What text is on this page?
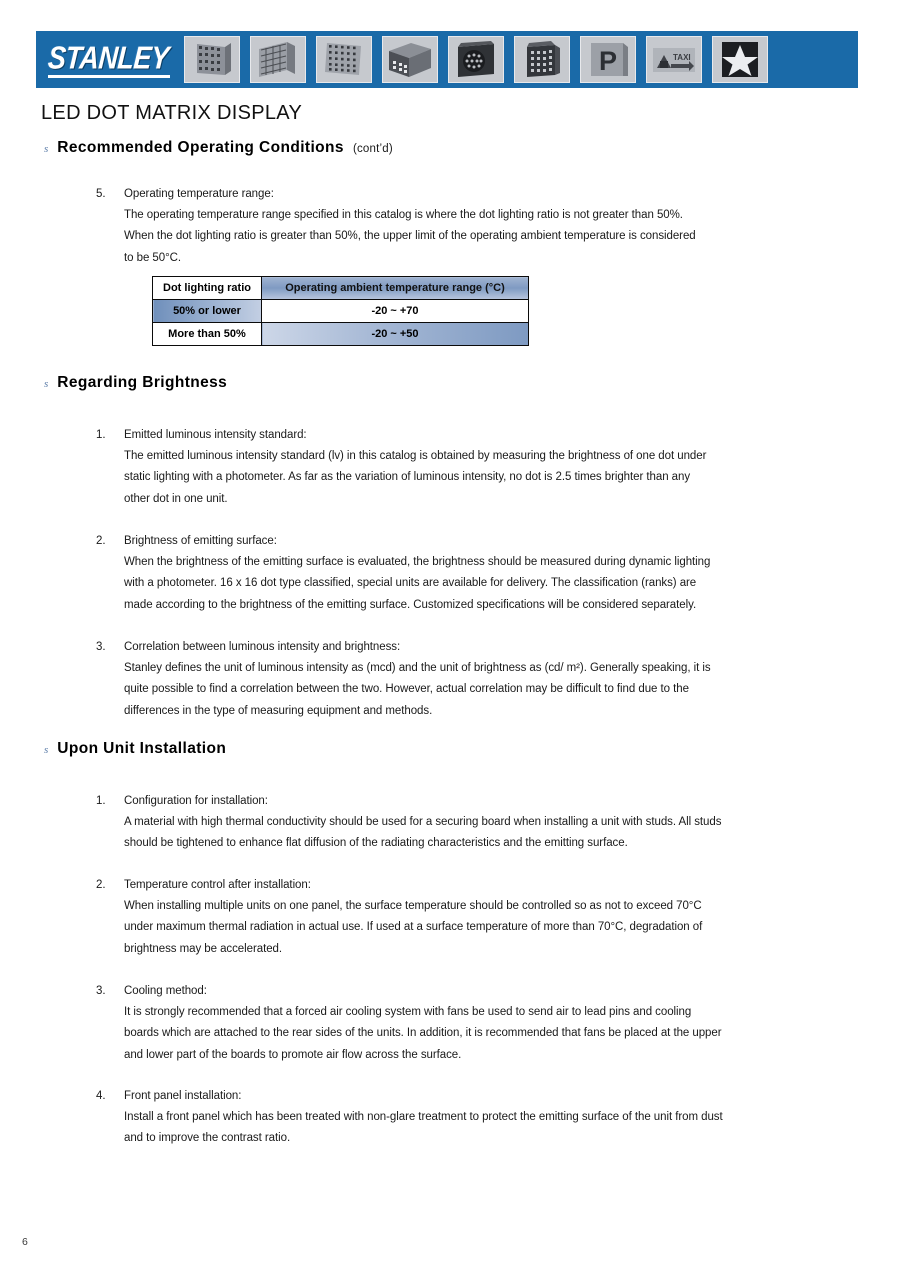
STANLEY	P	TAXI
LED DOT MATRIX DISPLAY
s Recommended Operating Conditions (cont’d)
5.	Operating temperature range:
The operating temperature range specified in this catalog is where the dot lighting ratio is not greater than 50%.
When the dot lighting ratio is greater than 50%, the upper limit of the operating ambient temperature is considered
to be 50°C.
Dot lighting ratio	Operating ambient temperature range (°C)
50% or lower	-20 ~ +70
More than 50%	-20 ~ +50
s Regarding Brightness
1.	Emitted luminous intensity standard:
The emitted luminous intensity standard (lv) in this catalog is obtained by measuring the brightness of one dot under
static lighting with a photometer. As far as the variation of luminous intensity, no dot is 2.5 times brighter than any
other dot in one unit.
2.	Brightness of emitting surface:
When the brightness of the emitting surface is evaluated, the brightness should be measured during dynamic lighting
with a photometer. 16 x 16 dot type classified, special units are available for delivery. The classification (ranks) are
made according to the brightness of the emitting surface. Customized specifications will be considered separately.
3.	Correlation between luminous intensity and brightness:
Stanley defines the unit of luminous intensity as (mcd) and the unit of brightness as (cd/ m²). Generally speaking, it is
quite possible to find a correlation between the two. However, actual correlation may be difficult to find due to the
differences in the type of measuring equipment and methods.
s Upon Unit Installation
1.	Configuration for installation:
A material with high thermal conductivity should be used for a securing board when installing a unit with studs. All studs
should be tightened to enhance flat diffusion of the radiating characteristics and the emitting surface.
2.	Temperature control after installation:
When installing multiple units on one panel, the surface temperature should be controlled so as not to exceed 70°C
under maximum thermal radiation in actual use. If used at a surface temperature of more than 70°C, degradation of
brightness may be accelerated.
3.	Cooling method:
It is strongly recommended that a forced air cooling system with fans be used to send air to lead pins and cooling
boards which are attached to the rear sides of the units. In addition, it is recommended that fans be placed at the upper
and lower part of the boards to promote air flow across the surface.
4.	Front panel installation:
Install a front panel which has been treated with non-glare treatment to protect the emitting surface of the unit from dust
and to improve the contrast ratio.
6
